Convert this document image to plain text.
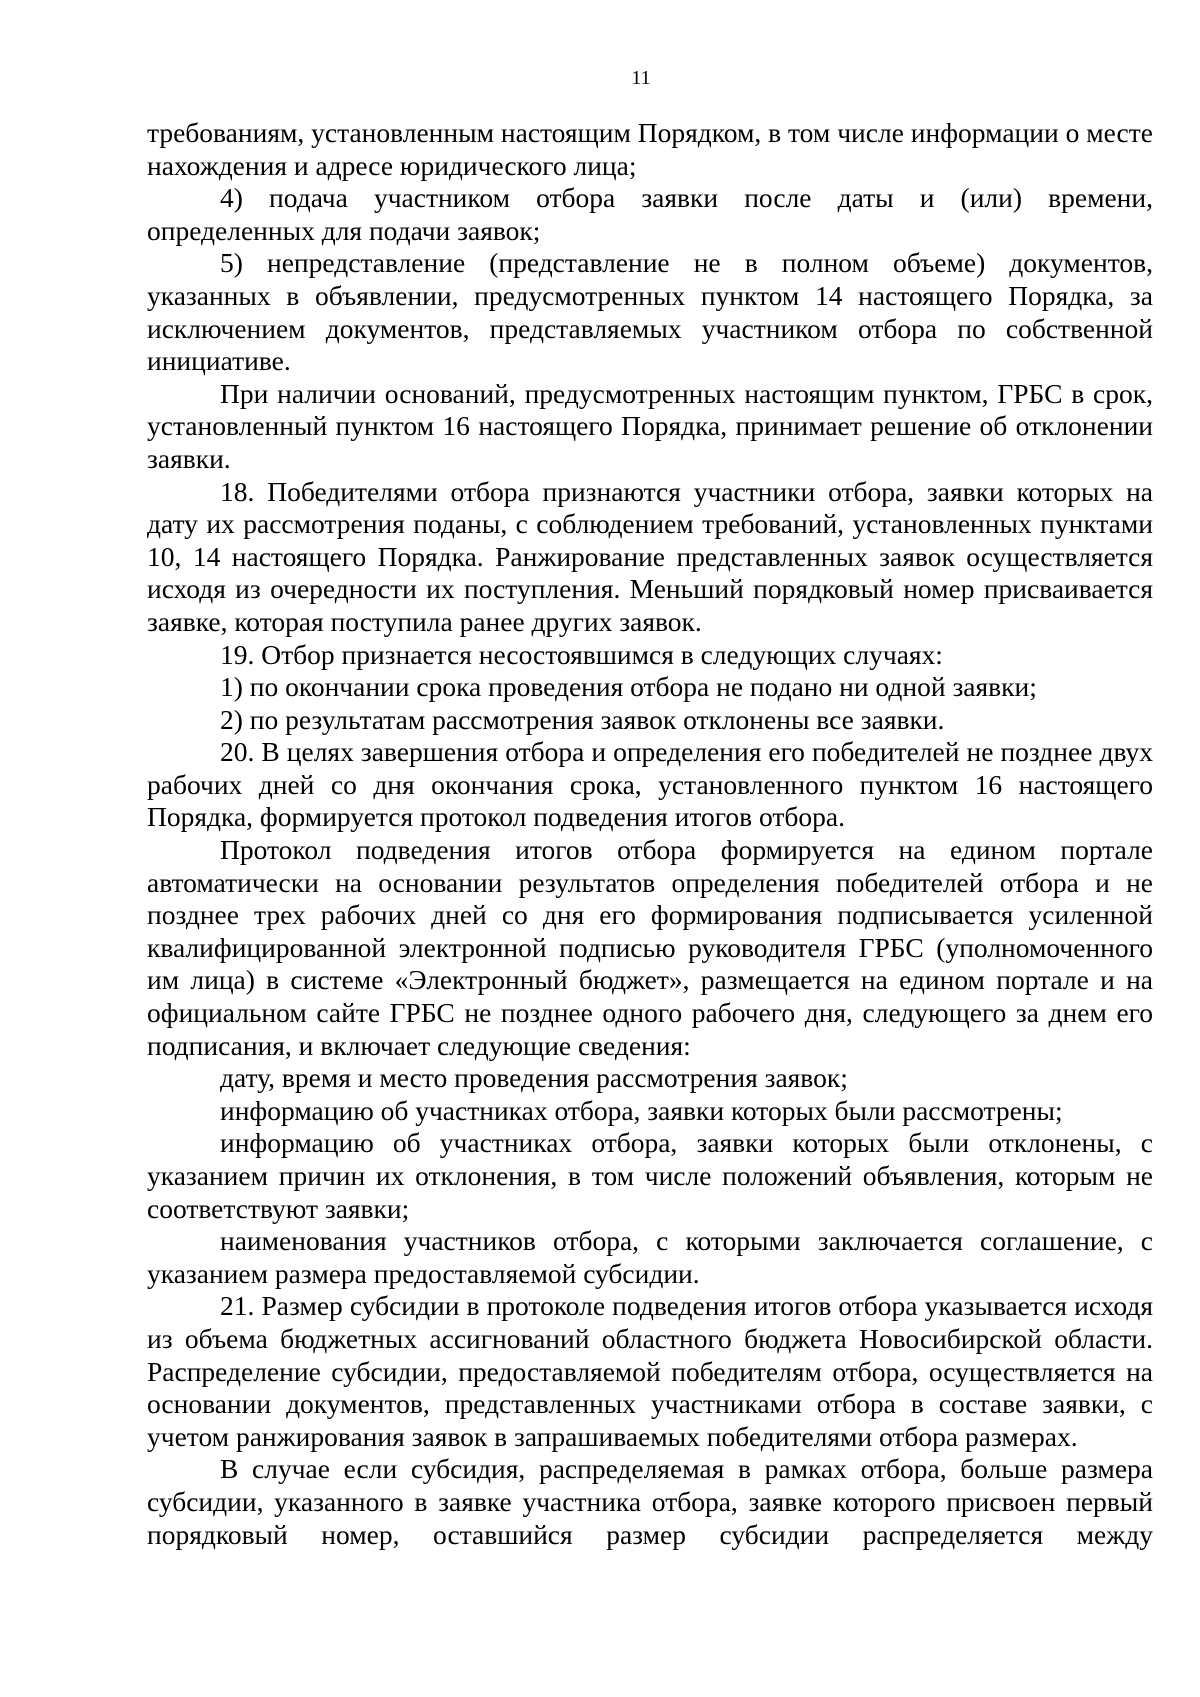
11

требованиям, установленным настоящим Порядком, в том числе информации о месте нахождения и адресе юридического лица;

4) подача участником отбора заявки после даты и (или) времени, определенных для подачи заявок;

5) непредставление (представление не в полном объеме) документов, указанных в объявлении, предусмотренных пунктом 14 настоящего Порядка, за исключением документов, представляемых участником отбора по собственной инициативе.

При наличии оснований, предусмотренных настоящим пунктом, ГРБС в срок, установленный пунктом 16 настоящего Порядка, принимает решение об отклонении заявки.

18. Победителями отбора признаются участники отбора, заявки которых на дату их рассмотрения поданы, с соблюдением требований, установленных пунктами 10, 14 настоящего Порядка. Ранжирование представленных заявок осуществляется исходя из очередности их поступления. Меньший порядковый номер присваивается заявке, которая поступила ранее других заявок.

19. Отбор признается несостоявшимся в следующих случаях:

1) по окончании срока проведения отбора не подано ни одной заявки;

2) по результатам рассмотрения заявок отклонены все заявки.

20. В целях завершения отбора и определения его победителей не позднее двух рабочих дней со дня окончания срока, установленного пунктом 16 настоящего Порядка, формируется протокол подведения итогов отбора.

Протокол подведения итогов отбора формируется на едином портале автоматически на основании результатов определения победителей отбора и не позднее трех рабочих дней со дня его формирования подписывается усиленной квалифицированной электронной подписью руководителя ГРБС (уполномоченного им лица) в системе «Электронный бюджет», размещается на едином портале и на официальном сайте ГРБС не позднее одного рабочего дня, следующего за днем его подписания, и включает следующие сведения:

дату, время и место проведения рассмотрения заявок;

информацию об участниках отбора, заявки которых были рассмотрены;

информацию об участниках отбора, заявки которых были отклонены, с указанием причин их отклонения, в том числе положений объявления, которым не соответствуют заявки;

наименования участников отбора, с которыми заключается соглашение, с указанием размера предоставляемой субсидии.

21. Размер субсидии в протоколе подведения итогов отбора указывается исходя из объема бюджетных ассигнований областного бюджета Новосибирской области. Распределение субсидии, предоставляемой победителям отбора, осуществляется на основании документов, представленных участниками отбора в составе заявки, с учетом ранжирования заявок в запрашиваемых победителями отбора размерах.

В случае если субсидия, распределяемая в рамках отбора, больше размера субсидии, указанного в заявке участника отбора, заявке которого присвоен первый порядковый номер, оставшийся размер субсидии распределяется между
